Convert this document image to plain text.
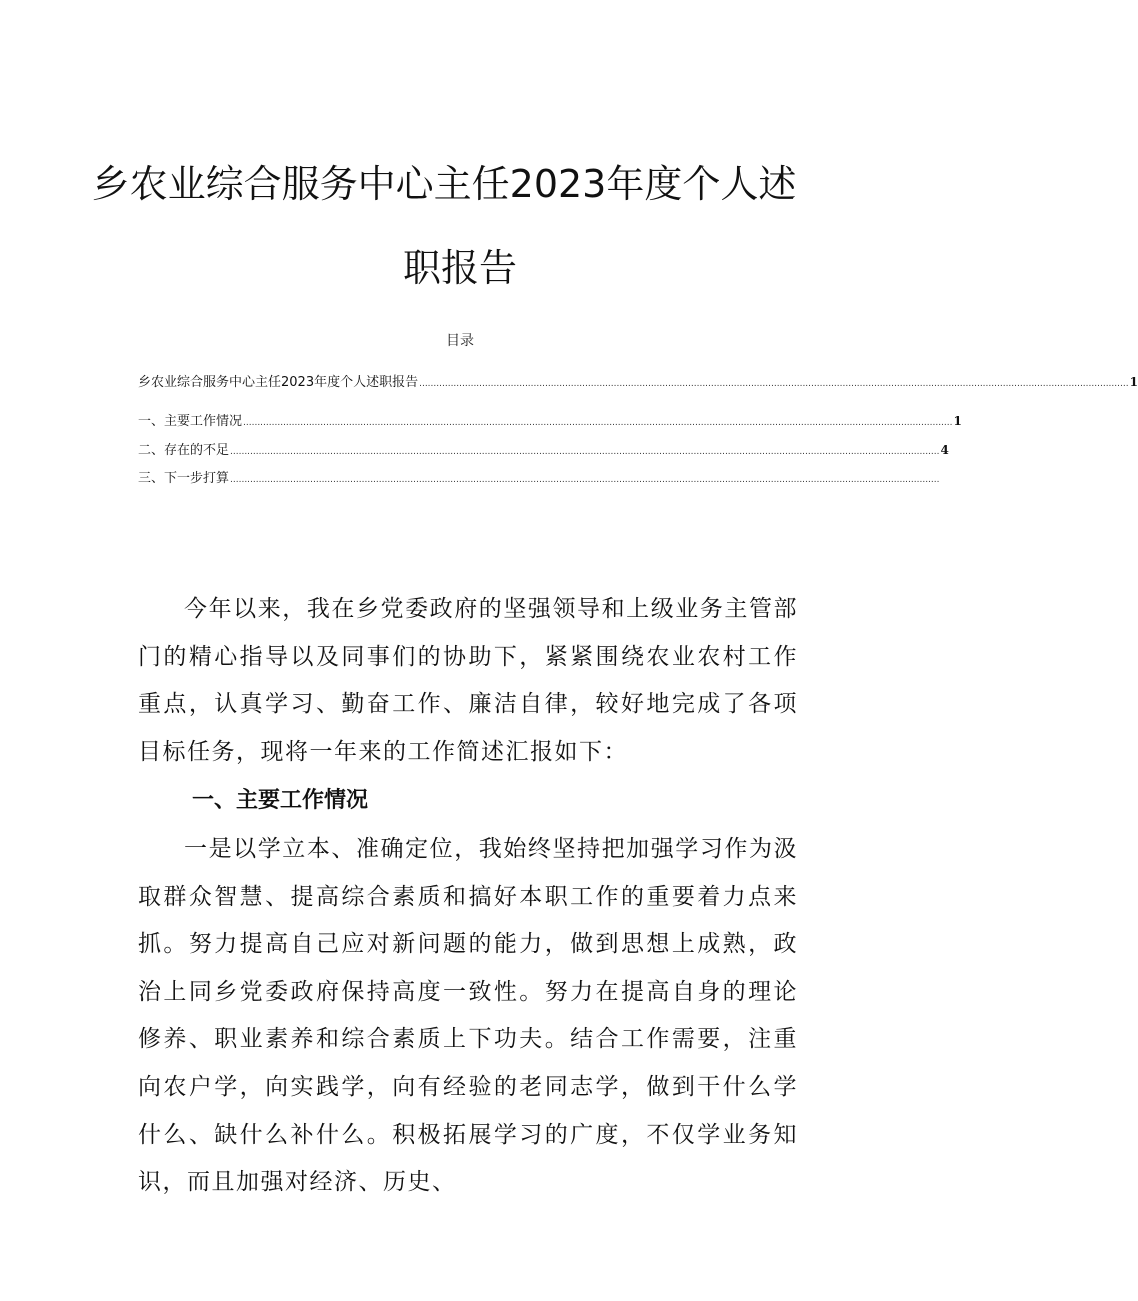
乡农业综合服务中心主任2023年度个人述
职报告
目录
乡农业综合服务中心主任2023年度个人述职报告 ........................................................................................................................................................................................................................................................ 1
一、主要工作情况 ........................................................................................................................................................................................................................................................ 1
二、存在的不足 ........................................................................................................................................................................................................................................................ 4
三、下一步打算 ........................................................................................................................................................................................................................................................

今年以来，我在乡党委政府的坚强领导和上级业务主管部门的精心指导以及同事们的协助下，紧紧围绕农业农村工作重点，认真学习、勤奋工作、廉洁自律，较好地完成了各项目标任务，现将一年来的工作简述汇报如下：

一、主要工作情况

一是以学立本、准确定位，我始终坚持把加强学习作为汲取群众智慧、提高综合素质和搞好本职工作的重要着力点来抓。努力提高自己应对新问题的能力，做到思想上成熟，政治上同乡党委政府保持高度一致性。努力在提高自身的理论修养、职业素养和综合素质上下功夫。结合工作需要，注重向农户学，向实践学，向有经验的老同志学，做到干什么学什么、缺什么补什么。积极拓展学习的广度，不仅学业务知识，而且加强对经济、历史、
